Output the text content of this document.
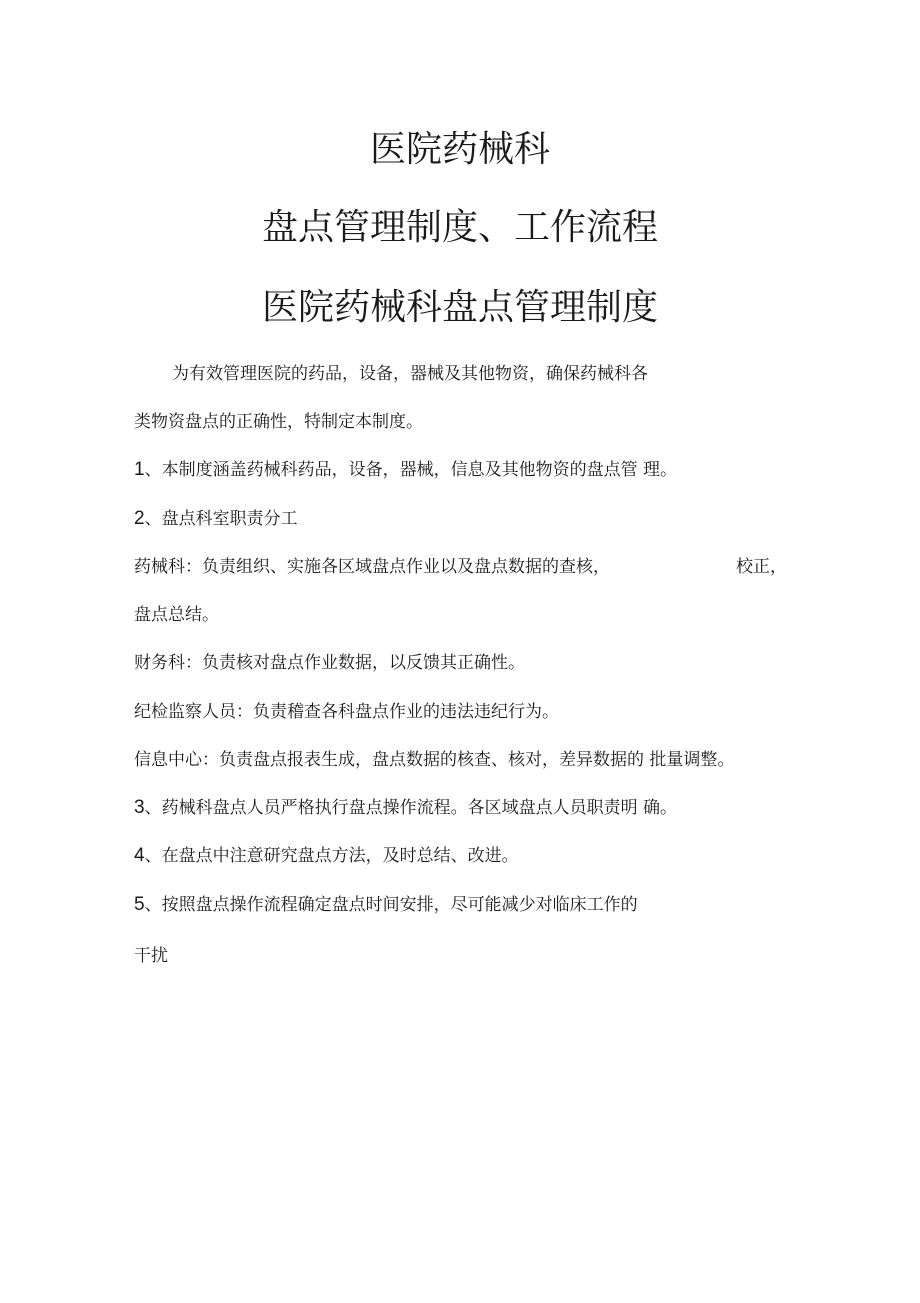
医院药械科
盘点管理制度、工作流程
医院药械科盘点管理制度

为有效管理医院的药品，设备，器械及其他物资，确保药械科各

类物资盘点的正确性，特制定本制度。

1、本制度涵盖药械科药品，设备，器械，信息及其他物资的盘点管 理。

2、盘点科室职责分工

药械科：负责组织、实施各区域盘点作业以及盘点数据的查核，	校正，

盘点总结。

财务科：负责核对盘点作业数据，以反馈其正确性。

纪检监察人员：负责稽查各科盘点作业的违法违纪行为。

信息中心：负责盘点报表生成，盘点数据的核查、核对，差异数据的 批量调整。

3、药械科盘点人员严格执行盘点操作流程。各区域盘点人员职责明 确。

4、在盘点中注意研究盘点方法，及时总结、改进。

5、按照盘点操作流程确定盘点时间安排，尽可能减少对临床工作的

干扰
